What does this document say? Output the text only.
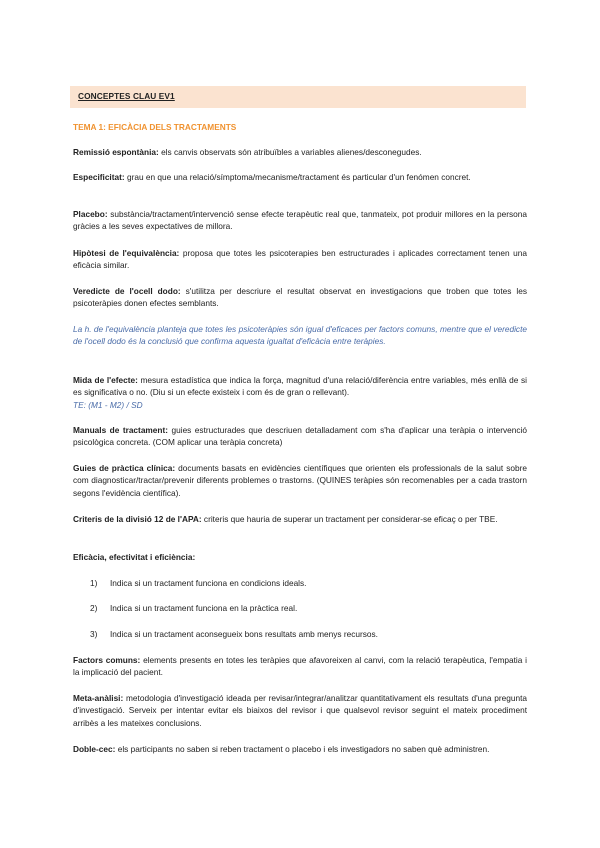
CONCEPTES CLAU EV1
TEMA 1: EFICÀCIA DELS TRACTAMENTS
Remissió espontània: els canvis observats són atribuïbles a variables alienes/desconegudes.
Especificitat: grau en que una relació/símptoma/mecanisme/tractament és particular d'un fenómen concret.
Placebo: substància/tractament/intervenció sense efecte terapèutic real que, tanmateix, pot produir millores en la persona gràcies a les seves expectatives de millora.
Hipòtesi de l'equivalència: proposa que totes les psicoterapies ben estructurades i aplicades correctament tenen una eficàcia similar.
Veredicte de l'ocell dodo: s'utilitza per descriure el resultat observat en investigacions que troben que totes les psicoteràpies donen efectes semblants.
La h. de l'equivalència planteja que totes les psicoteràpies són igual d'eficaces per factors comuns, mentre que el veredicte de l'ocell dodo és la conclusió que confirma aquesta igualtat d'eficàcia entre teràpies.
Mida de l'efecte: mesura estadística que indica la força, magnitud d'una relació/diferència entre variables, més enllà de si es significativa o no. (Diu si un efecte existeix i com és de gran o rellevant).
TE: (M1 - M2) / SD
Manuals de tractament: guies estructurades que descriuen detalladament com s'ha d'aplicar una teràpia o intervenció psicològica concreta. (COM aplicar una teràpia concreta)
Guies de pràctica clínica: documents basats en evidències científiques que orienten els professionals de la salut sobre com diagnosticar/tractar/prevenir diferents problemes o trastorns. (QUINES teràpies són recomenables per a cada trastorn segons l'evidència científica).
Criteris de la divisió 12 de l'APA: criteris que hauria de superar un tractament per considerar-se eficaç o per TBE.
Eficàcia, efectivitat i eficiència:
1) Indica si un tractament funciona en condicions ideals.
2) Indica si un tractament funciona en la pràctica real.
3) Indica si un tractament aconsegueix bons resultats amb menys recursos.
Factors comuns: elements presents en totes les teràpies que afavoreixen al canvi, com la relació terapèutica, l'empatia i la implicació del pacient.
Meta-anàlisi: metodologia d'investigació ideada per revisar/integrar/analitzar quantitativament els resultats d'una pregunta d'investigació. Serveix per intentar evitar els biaixos del revisor i que qualsevol revisor seguint el mateix procediment arribès a les mateixes conclusions.
Doble-cec: els participants no saben si reben tractament o placebo i els investigadors no saben què administren.
